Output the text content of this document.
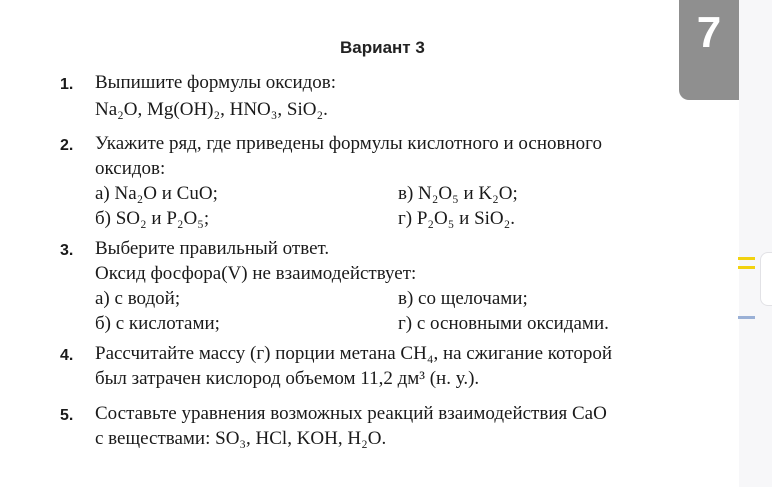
7
Вариант 3
1. Выпишите формулы оксидов:
Na₂O, Mg(OH)₂, HNO₃, SiO₂.
2. Укажите ряд, где приведены формулы кислотного и основного
оксидов:
а) Na₂O и CuO;	в) N₂O₅ и K₂O;
б) SO₂ и P₂O₅;	г) P₂O₅ и SiO₂.
3. Выберите правильный ответ.
Оксид фосфора(V) не взаимодействует:
а) с водой;	в) со щелочами;
б) с кислотами;	г) с основными оксидами.
4. Рассчитайте массу (г) порции метана CH₄, на сжигание которой
был затрачен кислород объемом 11,2 дм³ (н. у.).
5. Составьте уравнения возможных реакций взаимодействия CaO
с веществами: SO₃, HCl, KOH, H₂O.
